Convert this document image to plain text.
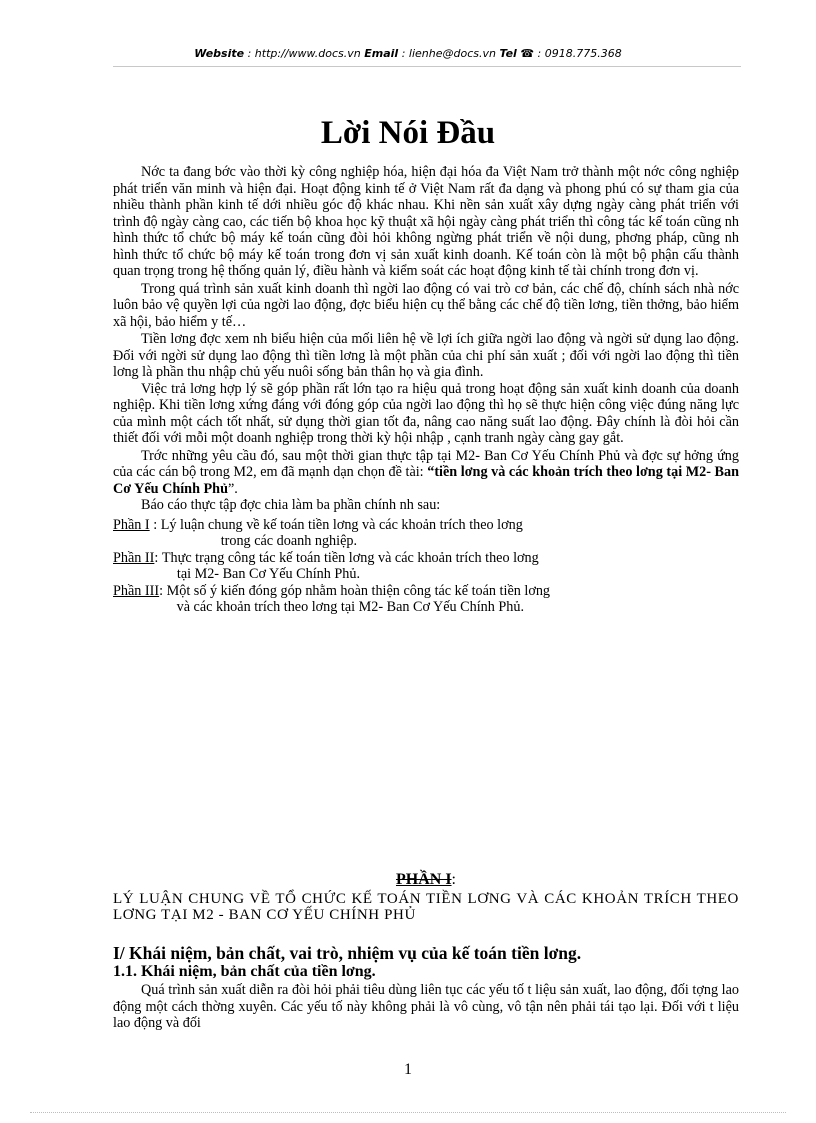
Website : http://www.docs.vn Email : lienhe@docs.vn Tel ☎ : 0918.775.368
Lời Nói Đầu

Nớc ta đang bớc vào thời kỳ công nghiệp hóa, hiện đại hóa đa Việt Nam trở thành một nớc công nghiệp phát triển văn minh và hiện đại. Hoạt động kinh tế ở Việt Nam rất đa dạng và phong phú có sự tham gia của nhiều thành phần kinh tế dới nhiều góc độ khác nhau. Khi nền sản xuất xây dựng ngày càng phát triển với trình độ ngày càng cao, các tiến bộ khoa học kỹ thuật xã hội ngày càng phát triển thì công tác kế toán cũng nh hình thức tổ chức bộ máy kế toán cũng đòi hỏi không ngừng phát triển về nội dung, phơng pháp, cũng nh hình thức tổ chức bộ máy kế toán trong đơn vị sản xuất kinh doanh. Kế toán còn là một bộ phận cấu thành quan trọng trong hệ thống quản lý, điều hành và kiểm soát các hoạt động kinh tế tài chính trong đơn vị.

Trong quá trình sản xuất kinh doanh thì ngời lao động có vai trò cơ bản, các chế độ, chính sách nhà nớc luôn bảo vệ quyền lợi của ngời lao động, đợc biểu hiện cụ thể bằng các chế độ tiền lơng, tiền thởng, bảo hiểm xã hội, bảo hiểm y tế…

Tiền lơng đợc xem nh biểu hiện của mối liên hệ về lợi ích giữa ngời lao động và ngời sử dụng lao động. Đối với ngời sử dụng lao động thì tiền lơng là một phần của chi phí sản xuất ; đối với ngời lao động thì tiền lơng là phần thu nhập chủ yếu nuôi sống bản thân họ và gia đình.

Việc trả lơng hợp lý sẽ góp phần rất lớn tạo ra hiệu quả trong hoạt động sản xuất kinh doanh của doanh nghiệp. Khi tiền lơng xứng đáng với đóng góp của ngời lao động thì họ sẽ thực hiện công việc đúng năng lực của mình một cách tốt nhất, sử dụng thời gian tốt đa, nâng cao năng suất lao động. Đây chính là đòi hỏi cần thiết đối với mỗi một doanh nghiệp trong thời kỳ hội nhập , cạnh tranh ngày càng gay gắt.

Trớc những yêu cầu đó, sau một thời gian thực tập tại M2- Ban Cơ Yếu Chính Phủ và đợc sự hởng ứng của các cán bộ trong M2, em đã mạnh dạn chọn đề tài: “tiền lơng và các khoản trích theo lơng tại M2- Ban Cơ Yếu Chính Phủ”.

Báo cáo thực tập đợc chia làm ba phần chính nh sau:

Phần I : Lý luận chung về kế toán tiền lơng và các khoản trích theo lơng
trong các doanh nghiệp.
Phần II : Thực trạng công tác kế toán tiền lơng và các khoản trích theo lơng
tại M2- Ban Cơ Yếu Chính Phủ.
Phần III : Một số ý kiến đóng góp nhằm hoàn thiện công tác kế toán tiền lơng
và các khoản trích theo lơng tại M2- Ban Cơ Yếu Chính Phủ.
PHẦN I:
LÝ LUẬN CHUNG VỀ TỔ CHỨC KẾ TOÁN TIỀN LƠNG VÀ CÁC KHOẢN TRÍCH THEO LƠNG TẠI M2 - BAN CƠ YẾU CHÍNH PHỦ
I/ Khái niệm, bản chất, vai trò, nhiệm vụ của kế toán tiền lơng.
1.1. Khái niệm, bản chất của tiền lơng.

Quá trình sản xuất diễn ra đòi hỏi phải tiêu dùng liên tục các yếu tố t liệu sản xuất, lao động, đối tợng lao động một cách thờng xuyên. Các yếu tố này không phải là vô cùng, vô tận nên phải tái tạo lại. Đối với t liệu lao động và đối

1
